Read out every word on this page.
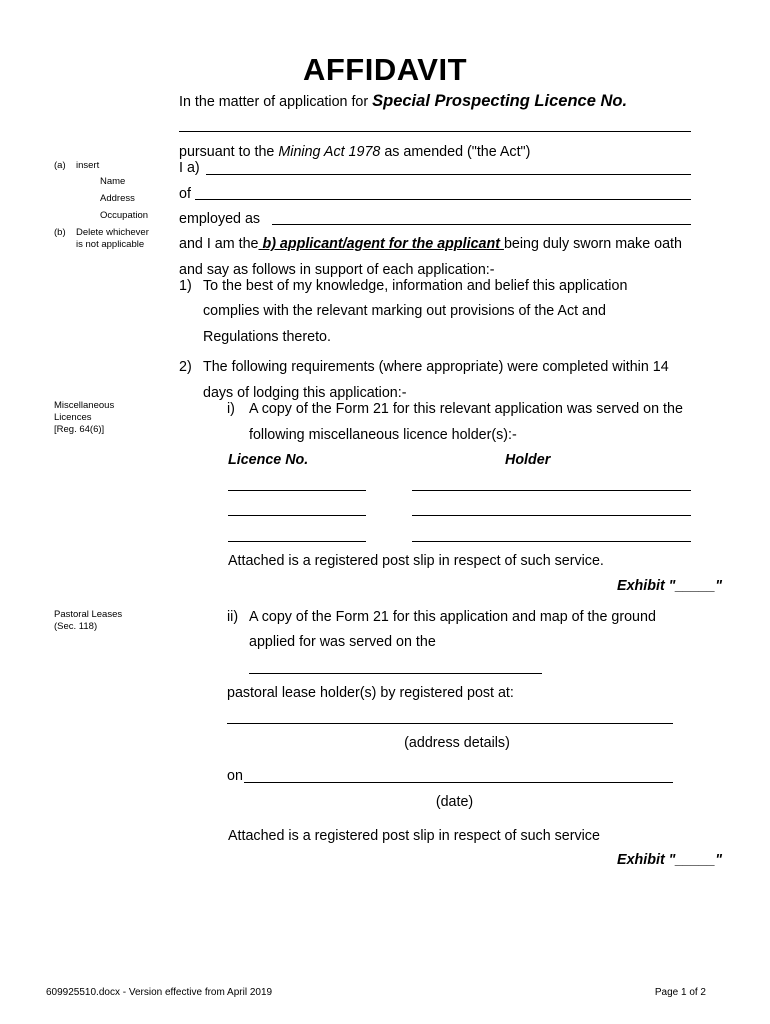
AFFIDAVIT
In the matter of application for Special Prospecting Licence No.
pursuant to the Mining Act 1978 as amended ("the Act")
I a)
of
employed as
and I am the b) applicant/agent for the applicant being duly sworn make oath
and say as follows in support of each application:-
1) To the best of my knowledge, information and belief this application
complies with the relevant marking out provisions of the Act and
Regulations thereto.
2) The following requirements (where appropriate) were completed within 14
days of lodging this application:-
i) A copy of the Form 21 for this relevant application was served on the
following miscellaneous licence holder(s):-
Licence No.	Holder
Attached is a registered post slip in respect of such service.
Exhibit "_____"
ii) A copy of the Form 21 for this application and map of the ground
applied for was served on the
pastoral lease holder(s) by registered post at:
(address details)
on
(date)
Attached is a registered post slip in respect of such service
Exhibit "_____"
(a) insert
Name
Address
Occupation
(b) Delete whichever
is not applicable
Miscellaneous
Licences
[Reg. 64(6)]
Pastoral Leases
(Sec. 118)
609925510.docx - Version effective from April 2019	Page 1 of 2
